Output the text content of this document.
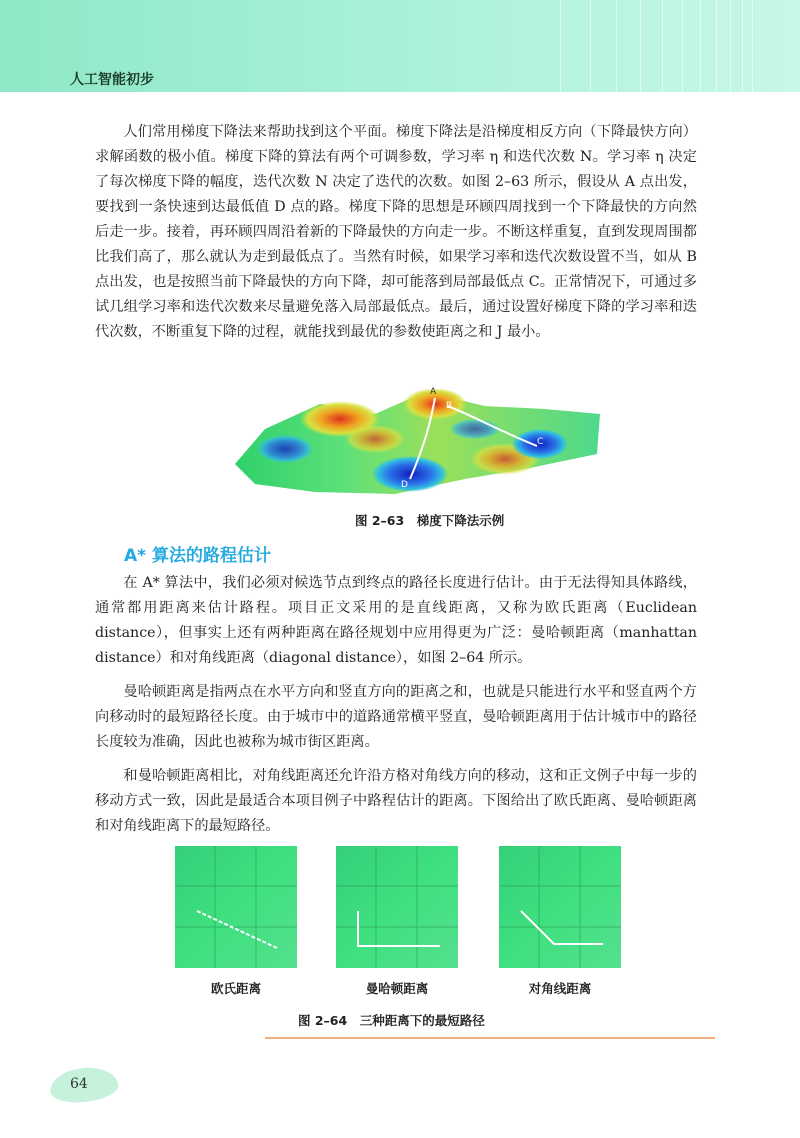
人工智能初步

人们常用梯度下降法来帮助找到这个平面。梯度下降法是沿梯度相反方向（下降最快方向）求解函数的极小值。梯度下降的算法有两个可调参数，学习率 η 和迭代次数 N。学习率 η 决定了每次梯度下降的幅度，迭代次数 N 决定了迭代的次数。如图 2–63 所示，假设从 A 点出发，要找到一条快速到达最低值 D 点的路。梯度下降的思想是环顾四周找到一个下降最快的方向然后走一步。接着，再环顾四周沿着新的下降最快的方向走一步。不断这样重复，直到发现周围都比我们高了，那么就认为走到最低点了。当然有时候，如果学习率和迭代次数设置不当，如从 B 点出发，也是按照当前下降最快的方向下降，却可能落到局部最低点 C。正常情况下，可通过多试几组学习率和迭代次数来尽量避免落入局部最低点。最后，通过设置好梯度下降的学习率和迭代次数，不断重复下降的过程，就能找到最优的参数使距离之和 J 最小。

A
B
C
D

图 2–63　梯度下降法示例

A* 算法的路程估计

在 A* 算法中，我们必须对候选节点到终点的路径长度进行估计。由于无法得知具体路线，通常都用距离来估计路程。项目正文采用的是直线距离，又称为欧氏距离（Euclidean distance），但事实上还有两种距离在路径规划中应用得更为广泛：曼哈顿距离（manhattan distance）和对角线距离（diagonal distance），如图 2–64 所示。

曼哈顿距离是指两点在水平方向和竖直方向的距离之和，也就是只能进行水平和竖直两个方向移动时的最短路径长度。由于城市中的道路通常横平竖直，曼哈顿距离用于估计城市中的路径长度较为准确，因此也被称为城市街区距离。

和曼哈顿距离相比，对角线距离还允许沿方格对角线方向的移动，这和正文例子中每一步的移动方式一致，因此是最适合本项目例子中路程估计的距离。下图给出了欧氏距离、曼哈顿距离和对角线距离下的最短路径。

欧氏距离	曼哈顿距离	对角线距离

图 2–64　三种距离下的最短路径

64
